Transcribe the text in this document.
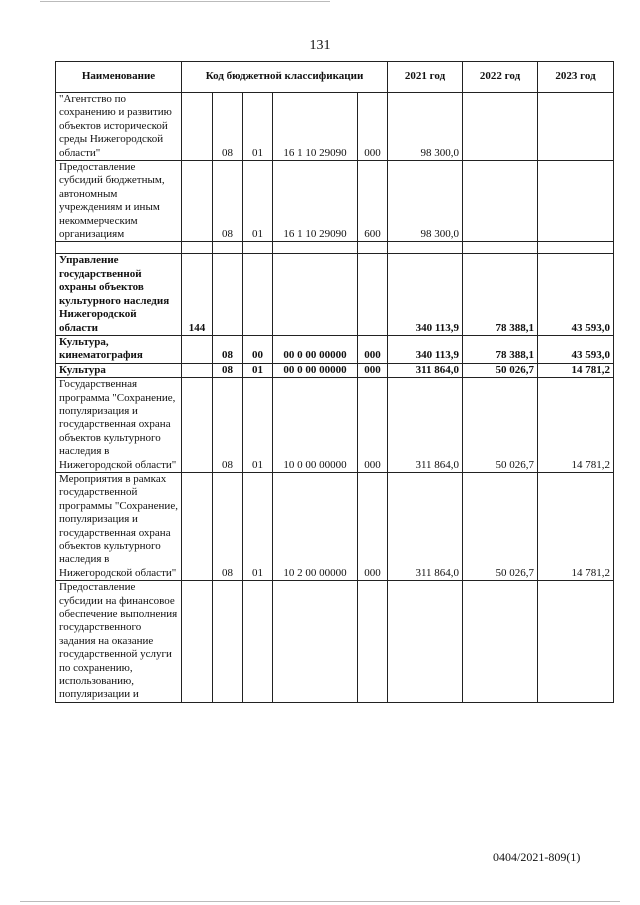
131
Наименование	Код бюджетной классификации					2021 год	2022 год	2023 год
"Агентство по сохранению и развитию объектов исторической среды Нижегородской области"		08	01	16 1 10 29090	000	98 300,0		
Предоставление субсидий бюджетным, автономным учреждениям и иным некоммерческим организациям		08	01	16 1 10 29090	600	98 300,0		

Управление государственной охраны объектов культурного наследия Нижегородской области	144					340 113,9	78 388,1	43 593,0
Культура, кинематография		08	00	00 0 00 00000	000	340 113,9	78 388,1	43 593,0
Культура		08	01	00 0 00 00000	000	311 864,0	50 026,7	14 781,2
Государственная программа "Сохранение, популяризация и государственная охрана объектов культурного наследия в Нижегородской области"		08	01	10 0 00 00000	000	311 864,0	50 026,7	14 781,2
Мероприятия в рамках государственной программы "Сохранение, популяризация и государственная охрана объектов культурного наследия в Нижегородской области"		08	01	10 2 00 00000	000	311 864,0	50 026,7	14 781,2
Предоставление субсидии на финансовое обеспечение выполнения государственного задания на оказание государственной услуги по сохранению, использованию, популяризации и								
0404/2021-809(1)
